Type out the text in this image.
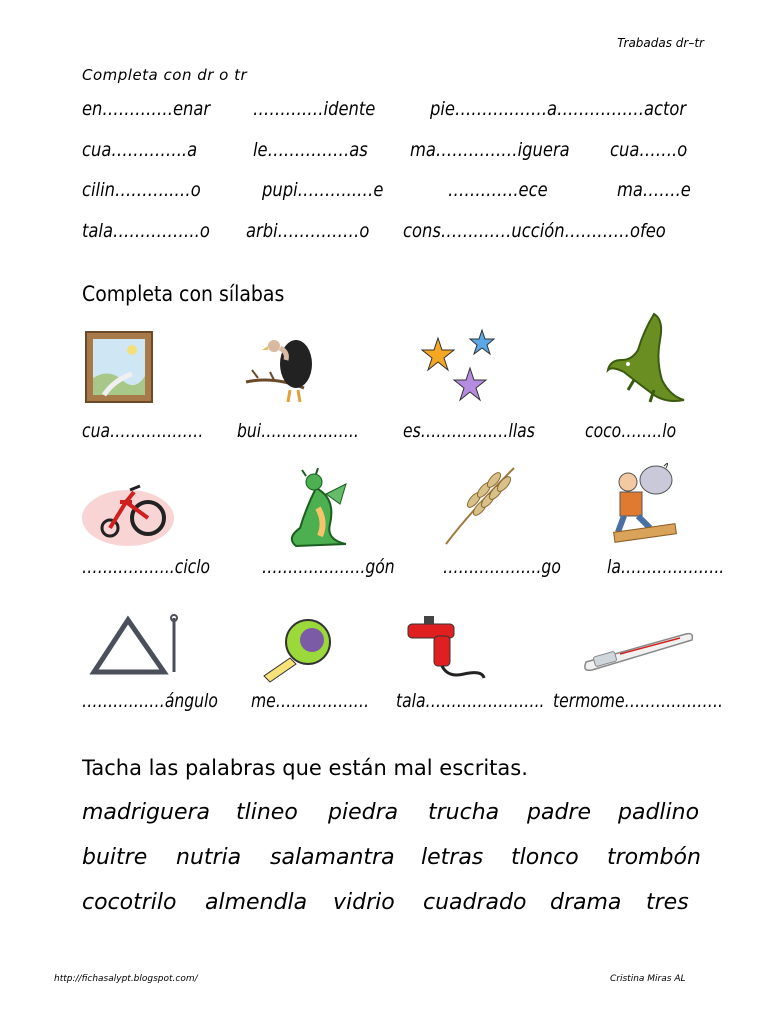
Trabadas dr–tr
Completa con dr o tr
en………….enar ……….…idente	pie……….…….a…………….actor
cua…………..a	le……………as ma……………iguera cua…….o
cilin………..…o	pupi………..…e	………….ece	ma…….e
tala…………….o arbi……………o cons…….……ucción…………ofeo
Completa con sílabas
cua……………… bui…………..….. es…………..…llas	coco……..lo
…….………..ciclo	……….……….gón	……………….go la………………..
……….……ángulo me……………… tala………………….. termome……………….
Tacha las palabras que están mal escritas.
madriguera tlineo piedra trucha padre padlino
buitre nutria salamantra letras tlonco trombón
cocotrilo almendla vidrio cuadrado drama tres
http://fichasalypt.blogspot.com/	Cristina Miras AL
